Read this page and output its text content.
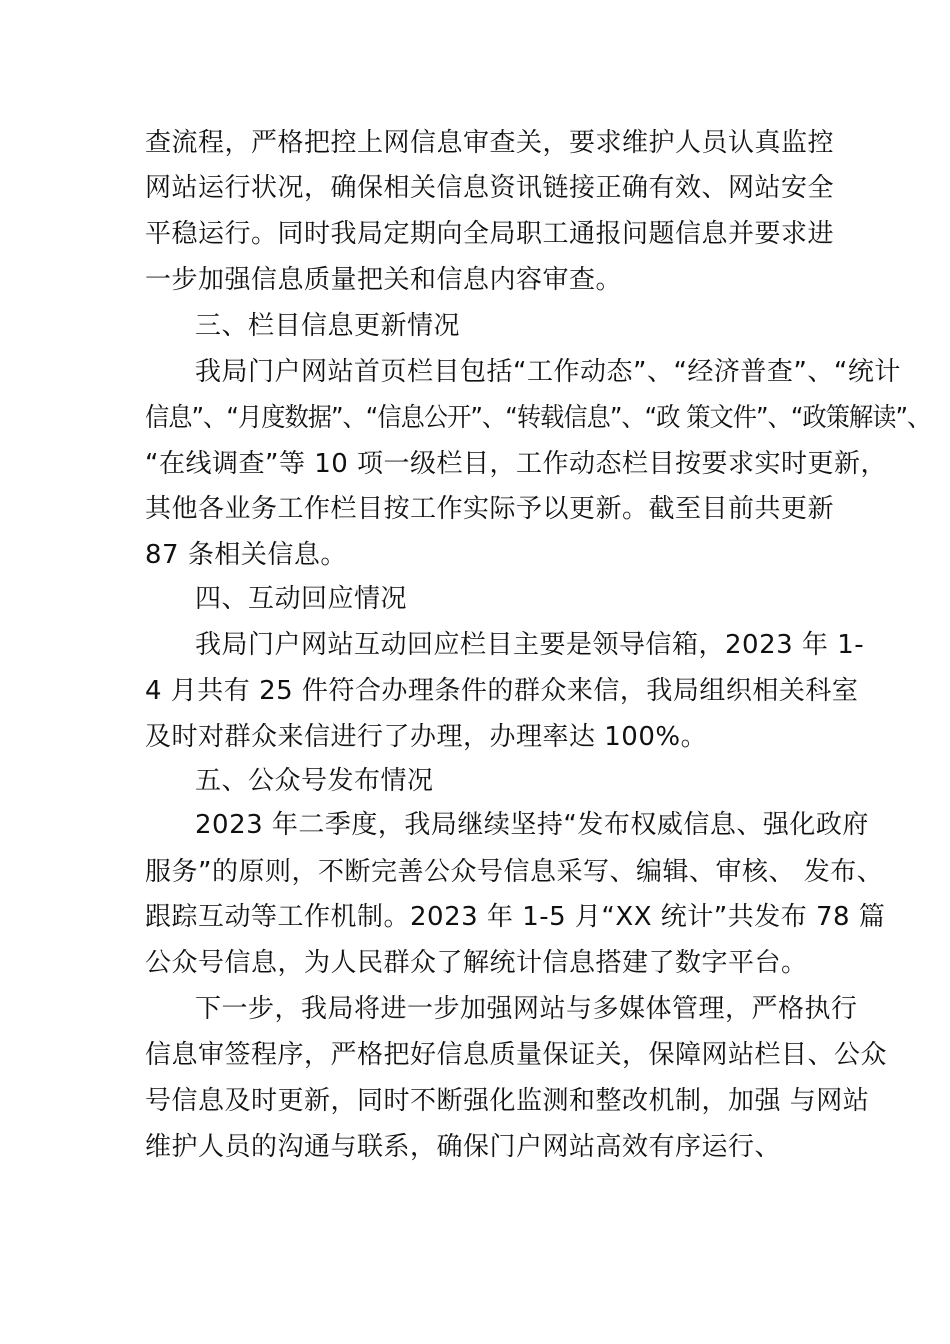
查流程，严格把控上网信息审查关，要求维护人员认真监控
网站运行状况，确保相关信息资讯链接正确有效、网站安全
平稳运行。同时我局定期向全局职工通报问题信息并要求进
一步加强信息质量把关和信息内容审查。
三、栏目信息更新情况
我局门户网站首页栏目包括“工作动态”、“经济普查”、“统计
信息”、“月度数据”、“信息公开”、“转载信息”、“政 策文件”、“政策解读”、
“在线调查”等 10 项一级栏目，工作动态栏目按要求实时更新，
其他各业务工作栏目按工作实际予以更新。截至目前共更新
87 条相关信息。
四、互动回应情况
我局门户网站互动回应栏目主要是领导信箱，2023 年 1-
4 月共有 25 件符合办理条件的群众来信，我局组织相关科室
及时对群众来信进行了办理，办理率达 100%。
五、公众号发布情况
2023 年二季度，我局继续坚持“发布权威信息、强化政府
服务”的原则，不断完善公众号信息采写、编辑、审核、 发布、
跟踪互动等工作机制。2023 年 1-5 月“XX 统计”共发布 78 篇
公众号信息，为人民群众了解统计信息搭建了数字平台。
下一步，我局将进一步加强网站与多媒体管理，严格执行
信息审签程序，严格把好信息质量保证关，保障网站栏目、公众
号信息及时更新，同时不断强化监测和整改机制，加强 与网站
维护人员的沟通与联系，确保门户网站高效有序运行、
